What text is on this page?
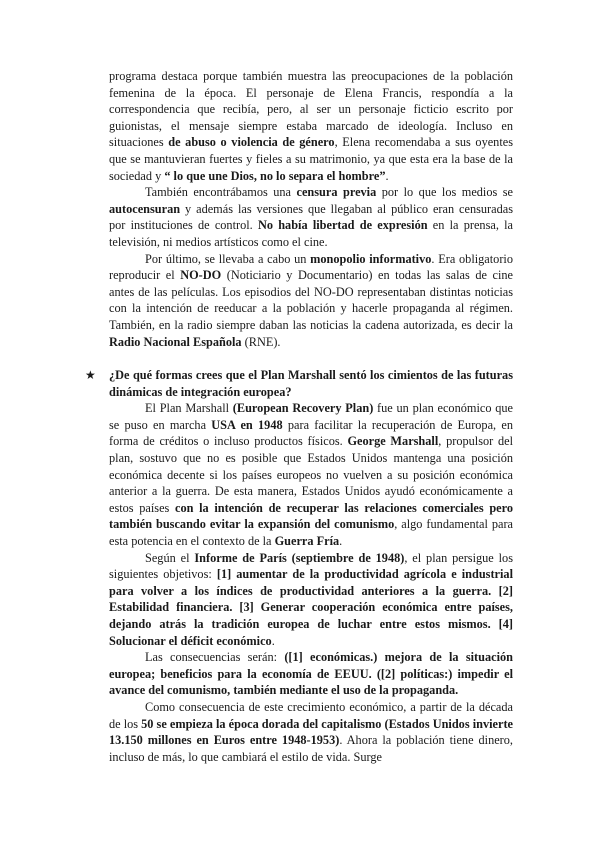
programa destaca porque también muestra las preocupaciones de la población femenina de la época. El personaje de Elena Francis, respondía a la correspondencia que recibía, pero, al ser un personaje ficticio escrito por guionistas, el mensaje siempre estaba marcado de ideología. Incluso en situaciones de abuso o violencia de género, Elena recomendaba a sus oyentes que se mantuvieran fuertes y fieles a su matrimonio, ya que esta era la base de la sociedad y “ lo que une Dios, no lo separa el hombre”.

También encontrábamos una censura previa por lo que los medios se autocensuran y además las versiones que llegaban al público eran censuradas por instituciones de control. No había libertad de expresión en la prensa, la televisión, ni medios artísticos como el cine.

Por último, se llevaba a cabo un monopolio informativo. Era obligatorio reproducir el NO-DO (Noticiario y Documentario) en todas las salas de cine antes de las películas. Los episodios del NO-DO representaban distintas noticias con la intención de reeducar a la población y hacerle propaganda al régimen. También, en la radio siempre daban las noticias la cadena autorizada, es decir la Radio Nacional Española (RNE).

★ ¿De qué formas crees que el Plan Marshall sentó los cimientos de las futuras dinámicas de integración europea?

El Plan Marshall (European Recovery Plan) fue un plan económico que se puso en marcha USA en 1948 para facilitar la recuperación de Europa, en forma de créditos o incluso productos físicos. George Marshall, propulsor del plan, sostuvo que no es posible que Estados Unidos mantenga una posición económica decente si los países europeos no vuelven a su posición económica anterior a la guerra. De esta manera, Estados Unidos ayudó económicamente a estos países con la intención de recuperar las relaciones comerciales pero también buscando evitar la expansión del comunismo, algo fundamental para esta potencia en el contexto de la Guerra Fría.

Según el Informe de París (septiembre de 1948), el plan persigue los siguientes objetivos: [1] aumentar de la productividad agrícola e industrial para volver a los índices de productividad anteriores a la guerra. [2] Estabilidad financiera. [3] Generar cooperación económica entre países, dejando atrás la tradición europea de luchar entre estos mismos. [4] Solucionar el déficit económico.

Las consecuencias serán: ([1] económicas.) mejora de la situación europea; beneficios para la economía de EEUU. ([2] políticas:) impedir el avance del comunismo, también mediante el uso de la propaganda.

Como consecuencia de este crecimiento económico, a partir de la década de los 50 se empieza la época dorada del capitalismo (Estados Unidos invierte 13.150 millones en Euros entre 1948-1953). Ahora la población tiene dinero, incluso de más, lo que cambiará el estilo de vida. Surge
